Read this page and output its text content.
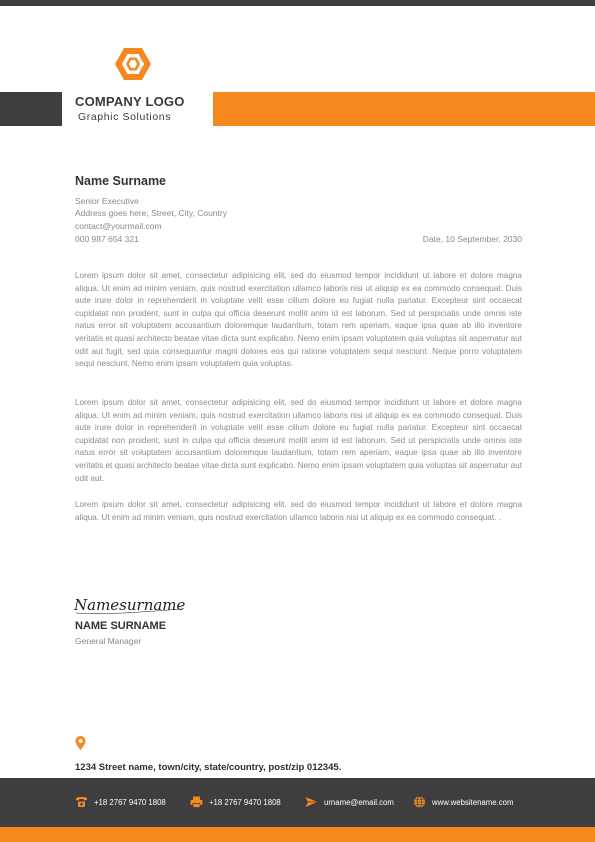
COMPANY LOGO
Graphic Solutions
Name Surname
Senior Executive
Address goes here, Street, City, Country
contact@yourmail.com
000 987 654 321	Date, 10 September, 2030

Lorem ipsum dolor sit amet, consectetur adipisicing elit, sed do eiusmod tempor incididunt ut labore et dolore magna aliqua. Ut enim ad minim veniam, quis nostrud exercitation ullamco laboris nisi ut aliquip ex ea commodo consequat. Duis aute irure dolor in reprehenderit in voluptate velit esse cillum dolore eu fugiat nulla pariatur. Excepteur sint occaecat cupidatat non proident, sunt in culpa qui officia deserunt mollit anim id est laborum. Sed ut perspiciatis unde omnis iste natus error sit voluptatem accusantium doloremque laudantium, totam rem aperiam, eaque ipsa quae ab illo inventore veritatis et quasi architecto beatae vitae dicta sunt explicabo. Nemo enim ipsam voluptatem quia voluptas sit aspernatur aut odit aut fugit, sed quia consequuntur magni dolores eos qui ratione voluptatem sequi nesciunt. Neque porro voluptatem sequi nesciunt. Nemo enim ipsam voluptatem quia voluptas.

Lorem ipsum dolor sit amet, consectetur adipisicing elit, sed do eiusmod tempor incididunt ut labore et dolore magna aliqua. Ut enim ad minim veniam, quis nostrud exercitation ullamco laboris nisi ut aliquip ex ea commodo consequat. Duis aute irure dolor in reprehenderit in voluptate velit esse cillum dolore eu fugiat nulla pariatur. Excepteur sint occaecat cupidatat non proident, sunt in culpa qui officia deserunt mollit anim id est laborum. Sed ut perspiciatis unde omnis iste natus error sit voluptatem accusantium doloremque laudantium, totam rem aperiam, eaque ipsa quae ab illo inventore veritatis et quasi architecto beatae vitae dicta sunt explicabo. Nemo enim ipsam voluptatem quia voluptas sit aspernatur aut odit aut.

Lorem ipsum dolor sit amet, consectetur adipisicing elit, sed do eiusmod tempor incididunt ut labore et dolore magna aliqua. Ut enim ad minim veniam, quis nostrud exercitation ullamco laboris nisi ut aliquip ex ea commodo consequat. .

Namesurname
NAME SURNAME
General Manager
1234 Street name, town/city, state/country, post/zip 012345.
+18 2767 9470 1808	+18 2767 9470 1808	urname@email.com	www.websitename.com
